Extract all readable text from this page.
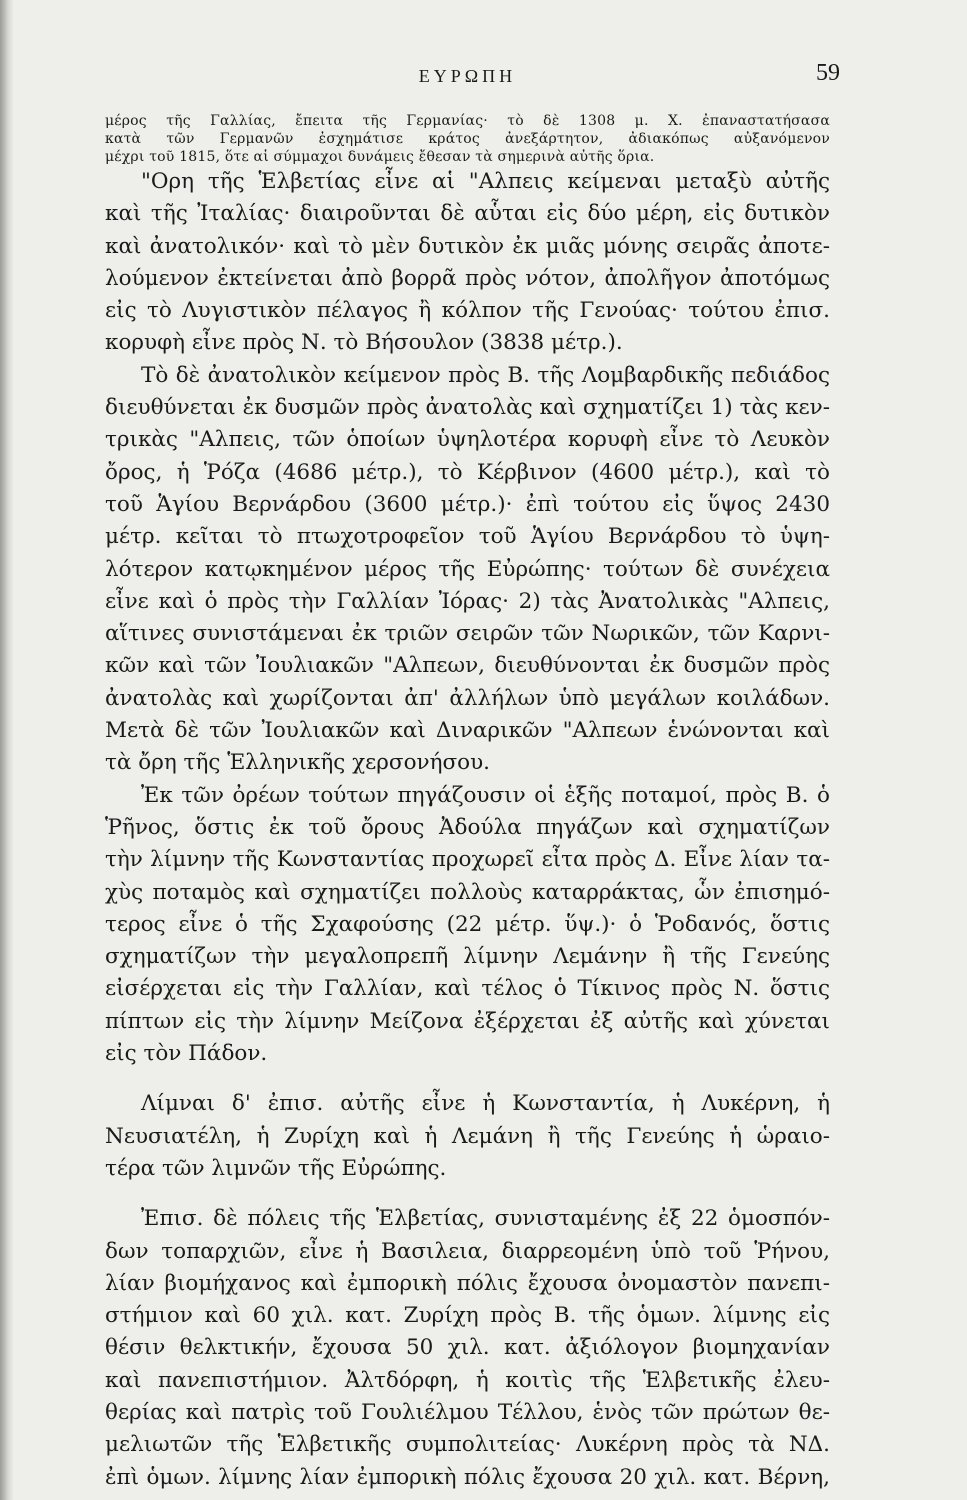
ΕΥΡΩΠΗ	59
μέρος τῆς Γαλλίας, ἔπειτα τῆς Γερμανίας· τὸ δὲ 1308 μ. Χ. ἐπαναστατήσασα
κατὰ τῶν Γερμανῶν ἐσχημάτισε κράτος ἀνεξάρτητον, ἀδιακόπως αὐξανόμενον
μέχρι τοῦ 1815, ὅτε αἱ σύμμαχοι δυνάμεις ἔθεσαν τὰ σημερινὰ αὐτῆς ὅρια.
"Ορη τῆς Ἑλβετίας εἶνε αἱ "Αλπεις κείμεναι μεταξὺ αὐτῆς
καὶ τῆς Ἰταλίας· διαιροῦνται δὲ αὗται εἰς δύο μέρη, εἰς δυτικὸν
καὶ ἀνατολικόν· καὶ τὸ μὲν δυτικὸν ἐκ μιᾶς μόνης σειρᾶς ἀποτε-
λούμενον ἐκτείνεται ἀπὸ βορρᾶ πρὸς νότον, ἀπολῆγον ἀποτόμως
εἰς τὸ Λυγιστικὸν πέλαγος ἢ κόλπον τῆς Γενούας· τούτου ἐπισ.
κορυφὴ εἶνε πρὸς Ν. τὸ Βήσουλον (3838 μέτρ.).
Τὸ δὲ ἀνατολικὸν κείμενον πρὸς Β. τῆς Λομβαρδικῆς πεδιάδος
διευθύνεται ἐκ δυσμῶν πρὸς ἀνατολὰς καὶ σχηματίζει 1) τὰς κεν-
τρικὰς "Αλπεις, τῶν ὁποίων ὑψηλοτέρα κορυφὴ εἶνε τὸ Λευκὸν
ὄρος, ἡ Ῥόζα (4686 μέτρ.), τὸ Κέρβινον (4600 μέτρ.), καὶ τὸ
τοῦ Ἁγίου Βερνάρδου (3600 μέτρ.)· ἐπὶ τούτου εἰς ὕψος 2430
μέτρ. κεῖται τὸ πτωχοτροφεῖον τοῦ Ἁγίου Βερνάρδου τὸ ὑψη-
λότερον κατῳκημένον μέρος τῆς Εὐρώπης· τούτων δὲ συνέχεια
εἶνε καὶ ὁ πρὸς τὴν Γαλλίαν Ἰόρας· 2) τὰς Ἀνατολικὰς "Αλπεις,
αἵτινες συνιστάμεναι ἐκ τριῶν σειρῶν τῶν Νωρικῶν, τῶν Καρνι-
κῶν καὶ τῶν Ἰουλιακῶν "Αλπεων, διευθύνονται ἐκ δυσμῶν πρὸς
ἀνατολὰς καὶ χωρίζονται ἀπ' ἀλλήλων ὑπὸ μεγάλων κοιλάδων.
Μετὰ δὲ τῶν Ἰουλιακῶν καὶ Διναρικῶν "Αλπεων ἑνώνονται καὶ
τὰ ὄρη τῆς Ἑλληνικῆς χερσονήσου.
Ἐκ τῶν ὀρέων τούτων πηγάζουσιν οἱ ἑξῆς ποταμοί, πρὸς Β. ὁ
Ῥῆνος, ὅστις ἐκ τοῦ ὄρους Ἀδούλα πηγάζων καὶ σχηματίζων
τὴν λίμνην τῆς Κωνσταντίας προχωρεῖ εἶτα πρὸς Δ. Εἶνε λίαν τα-
χὺς ποταμὸς καὶ σχηματίζει πολλοὺς καταρράκτας, ὧν ἐπισημό-
τερος εἶνε ὁ τῆς Σχαφούσης (22 μέτρ. ὕψ.)· ὁ Ῥοδανός, ὅστις
σχηματίζων τὴν μεγαλοπρεπῆ λίμνην Λεμάνην ἢ τῆς Γενεύης
εἰσέρχεται εἰς τὴν Γαλλίαν, καὶ τέλος ὁ Τίκινος πρὸς Ν. ὅστις
πίπτων εἰς τὴν λίμνην Μείζονα ἐξέρχεται ἐξ αὐτῆς καὶ χύνεται
εἰς τὸν Πάδον.
Λίμναι δ' ἐπισ. αὐτῆς εἶνε ἡ Κωνσταντία, ἡ Λυκέρνη, ἡ
Νευσιατέλη, ἡ Ζυρίχη καὶ ἡ Λεμάνη ἢ τῆς Γενεύης ἡ ὡραιο-
τέρα τῶν λιμνῶν τῆς Εὐρώπης.
Ἐπισ. δὲ πόλεις τῆς Ἑλβετίας, συνισταμένης ἐξ 22 ὁμοσπόν-
δων τοπαρχιῶν, εἶνε ἡ Βασιλεια, διαρρεομένη ὑπὸ τοῦ Ῥήνου,
λίαν βιομήχανος καὶ ἐμπορικὴ πόλις ἔχουσα ὀνομαστὸν πανεπι-
στήμιον καὶ 60 χιλ. κατ. Ζυρίχη πρὸς Β. τῆς ὁμων. λίμνης εἰς
θέσιν θελκτικήν, ἔχουσα 50 χιλ. κατ. ἀξιόλογον βιομηχανίαν
καὶ πανεπιστήμιον. Ἀλτδόρφη, ἡ κοιτὶς τῆς Ἑλβετικῆς ἐλευ-
θερίας καὶ πατρὶς τοῦ Γουλιέλμου Τέλλου, ἑνὸς τῶν πρώτων θε-
μελιωτῶν τῆς Ἑλβετικῆς συμπολιτείας· Λυκέρνη πρὸς τὰ ΝΔ.
ἐπὶ ὁμων. λίμνης λίαν ἐμπορικὴ πόλις ἔχουσα 20 χιλ. κατ. Βέρνη,
